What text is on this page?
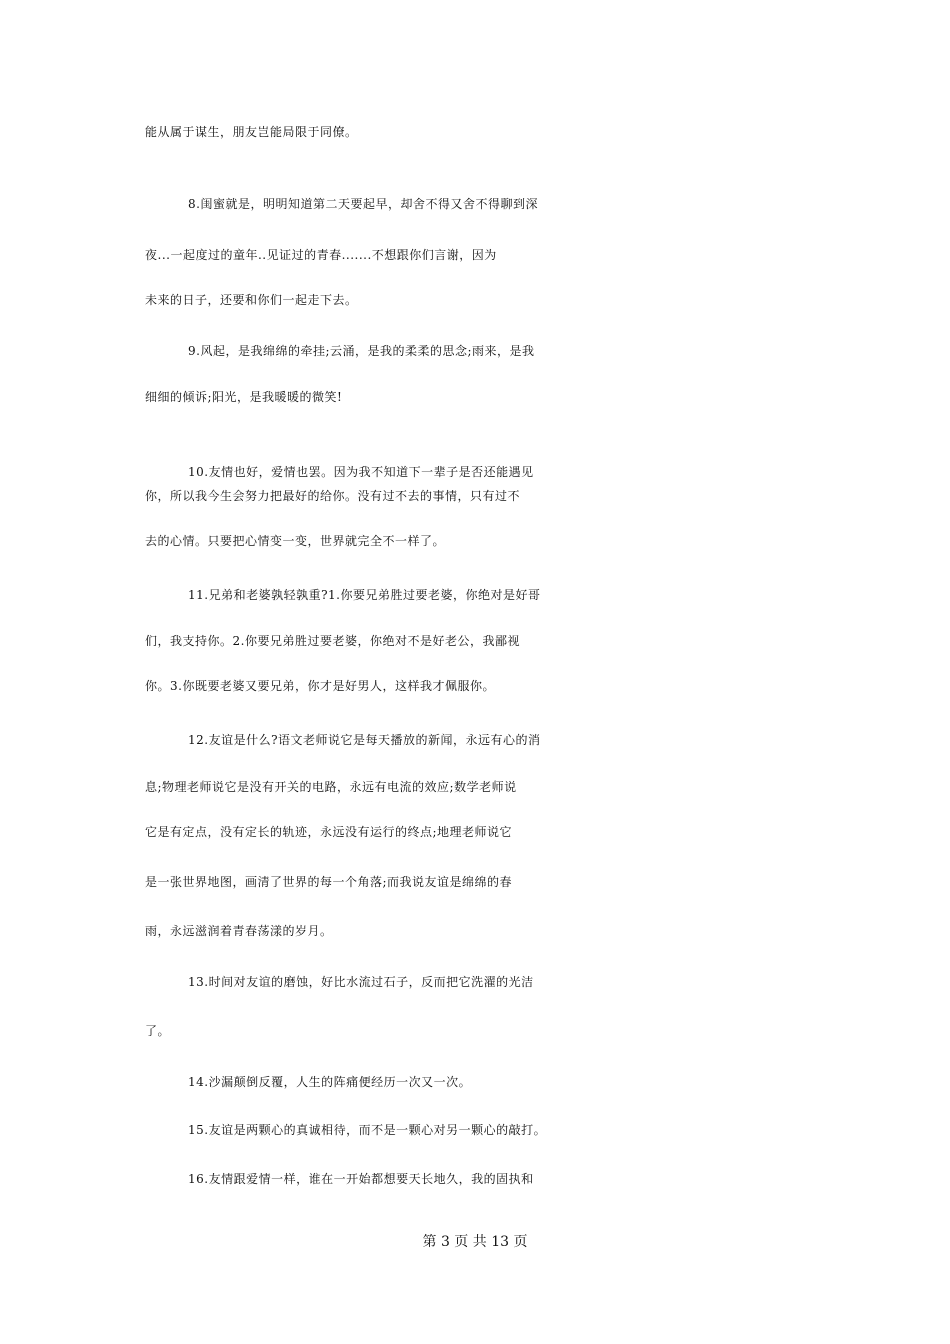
能从属于谋生，朋友岂能局限于同僚。
8.闺蜜就是，明明知道第二天要起早，却舍不得又舍不得聊到深
夜...一起度过的童年..见证过的青春.......不想跟你们言谢，因为
未来的日子，还要和你们一起走下去。
9.风起，是我绵绵的牵挂;云涌，是我的柔柔的思念;雨来，是我
细细的倾诉;阳光，是我暖暖的微笑!
10.友情也好，爱情也罢。因为我不知道下一辈子是否还能遇见
你，所以我今生会努力把最好的给你。没有过不去的事情，只有过不
去的心情。只要把心情变一变，世界就完全不一样了。
11.兄弟和老婆孰轻孰重?1.你要兄弟胜过要老婆，你绝对是好哥
们，我支持你。2.你要兄弟胜过要老婆，你绝对不是好老公，我鄙视
你。3.你既要老婆又要兄弟，你才是好男人，这样我才佩服你。
12.友谊是什么?语文老师说它是每天播放的新闻，永远有心的消
息;物理老师说它是没有开关的电路，永远有电流的效应;数学老师说
它是有定点，没有定长的轨迹，永远没有运行的终点;地理老师说它
是一张世界地图，画清了世界的每一个角落;而我说友谊是绵绵的春
雨，永远滋润着青春荡漾的岁月。
13.时间对友谊的磨蚀，好比水流过石子，反而把它洗濯的光洁
了。
14.沙漏颠倒反覆，人生的阵痛便经历一次又一次。
15.友谊是两颗心的真诚相待，而不是一颗心对另一颗心的敲打。
16.友情跟爱情一样，谁在一开始都想要天长地久，我的固执和
第 3 页 共 13 页
